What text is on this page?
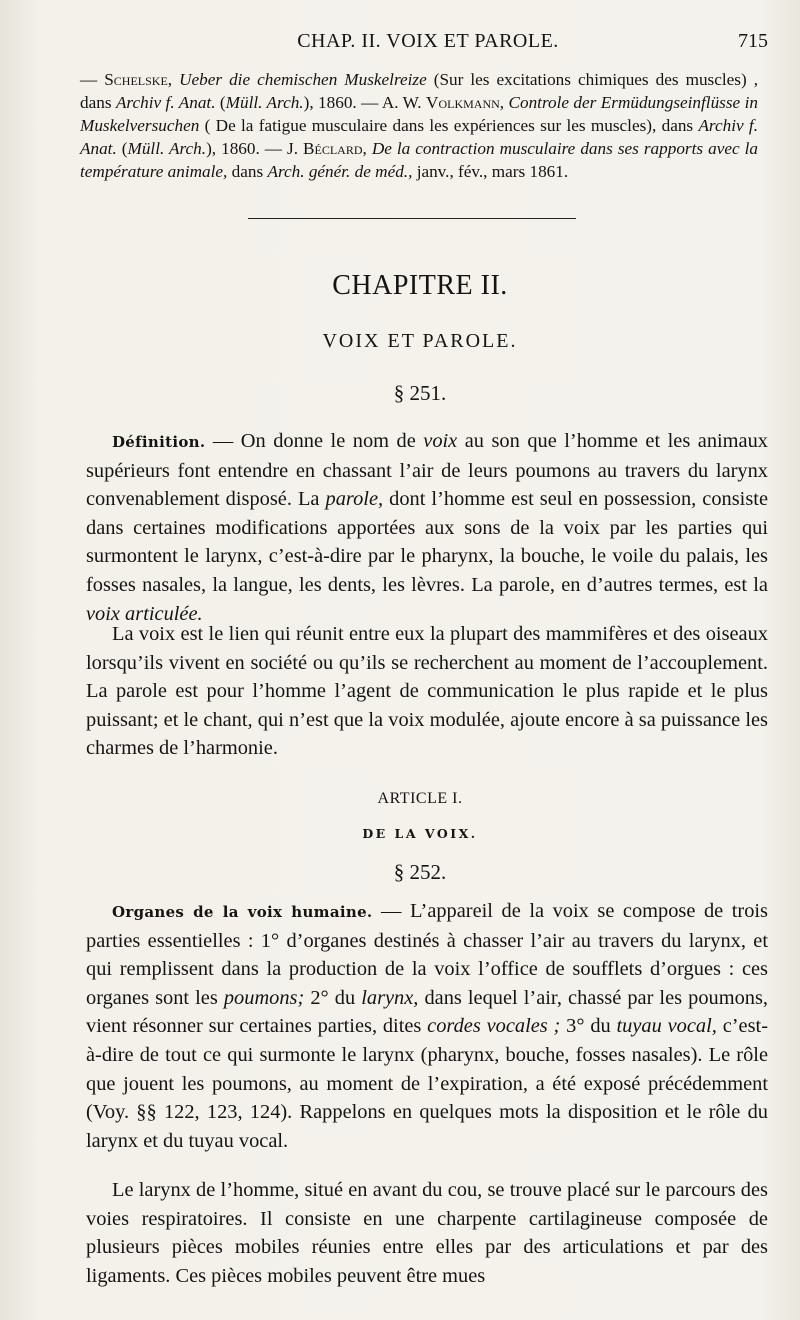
CHAP. II. VOIX ET PAROLE.	715
— Schelske, Ueber die chemischen Muskelreize (Sur les excitations chimiques des muscles) , dans Archiv f. Anat. (Müll. Arch.), 1860. — A. W. Volkmann, Controle der Ermüdungseinflüsse in Muskelversuchen ( De la fatigue musculaire dans les expériences sur les muscles), dans Archiv f. Anat. (Müll. Arch.), 1860. — J. Béclard, De la contraction musculaire dans ses rapports avec la température animale, dans Arch. génér. de méd., janv., fév., mars 1861.
CHAPITRE II.
VOIX ET PAROLE.
§ 251.

Définition. — On donne le nom de voix au son que l’homme et les animaux supérieurs font entendre en chassant l’air de leurs poumons au travers du larynx convenablement disposé. La parole, dont l’homme est seul en possession, consiste dans certaines modifications apportées aux sons de la voix par les parties qui surmontent le larynx, c’est-à-dire par le pharynx, la bouche, le voile du palais, les fosses nasales, la langue, les dents, les lèvres. La parole, en d’autres termes, est la voix articulée.

La voix est le lien qui réunit entre eux la plupart des mammifères et des oiseaux lorsqu’ils vivent en société ou qu’ils se recherchent au moment de l’accouplement. La parole est pour l’homme l’agent de communication le plus rapide et le plus puissant; et le chant, qui n’est que la voix modulée, ajoute encore à sa puissance les charmes de l’harmonie.

ARTICLE I.
DE LA VOIX.
§ 252.

Organes de la voix humaine. — L’appareil de la voix se compose de trois parties essentielles : 1° d’organes destinés à chasser l’air au travers du larynx, et qui remplissent dans la production de la voix l’office de soufflets d’orgues : ces organes sont les poumons; 2° du larynx, dans lequel l’air, chassé par les poumons, vient résonner sur certaines parties, dites cordes vocales ; 3° du tuyau vocal, c’est-à-dire de tout ce qui surmonte le larynx (pharynx, bouche, fosses nasales). Le rôle que jouent les poumons, au moment de l’expiration, a été exposé précédemment (Voy. §§ 122, 123, 124). Rappelons en quelques mots la disposition et le rôle du larynx et du tuyau vocal.

Le larynx de l’homme, situé en avant du cou, se trouve placé sur le parcours des voies respiratoires. Il consiste en une charpente cartilagineuse composée de plusieurs pièces mobiles réunies entre elles par des articulations et par des ligaments. Ces pièces mobiles peuvent être mues
